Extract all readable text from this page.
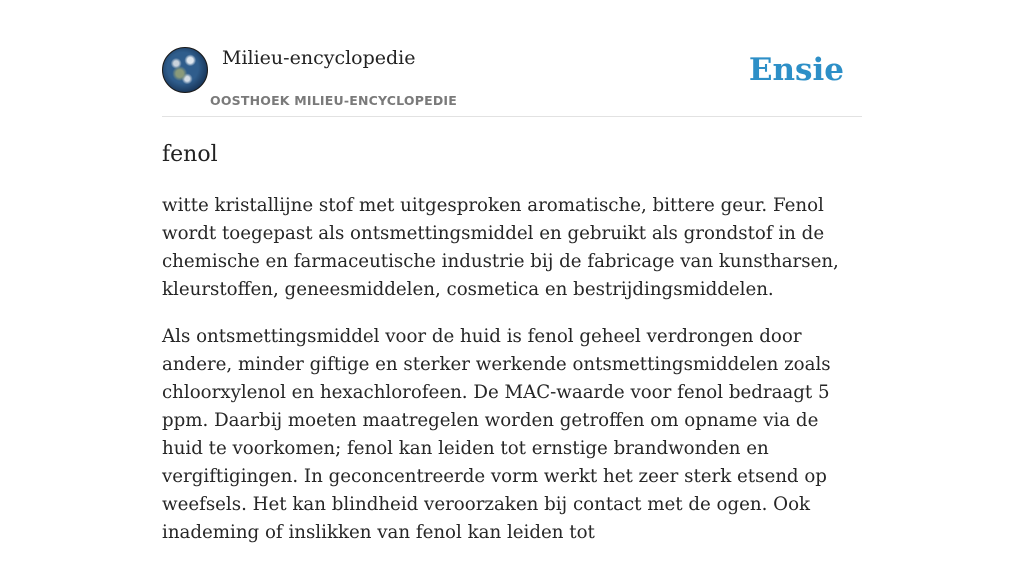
Milieu-encyclopedie
OOSTHOEK MILIEU-ENCYCLOPEDIE
Ensie
fenol

witte kristallijne stof met uitgesproken aromatische, bittere geur. Fenol wordt toegepast als ontsmettingsmiddel en gebruikt als grondstof in de chemische en farmaceutische industrie bij de fabricage van kunstharsen, kleurstoffen, geneesmiddelen, cosmetica en bestrijdingsmiddelen.

Als ontsmettingsmiddel voor de huid is fenol geheel verdrongen door andere, minder giftige en sterker werkende ontsmettingsmiddelen zoals chloorxylenol en hexachlorofeen. De MAC-waarde voor fenol bedraagt 5 ppm. Daarbij moeten maatregelen worden getroffen om opname via de huid te voorkomen; fenol kan leiden tot ernstige brandwonden en vergiftigingen. In geconcentreerde vorm werkt het zeer sterk etsend op weefsels. Het kan blindheid veroorzaken bij contact met de ogen. Ook inademing of inslikken van fenol kan leiden tot
